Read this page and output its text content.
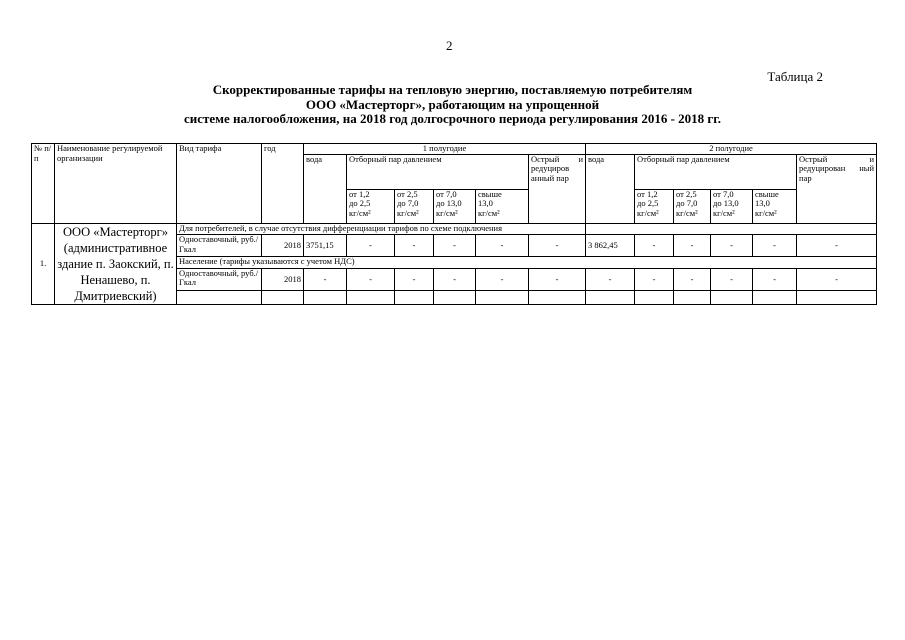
2
Таблица 2
Скорректированные тарифы на тепловую энергию, поставляемую потребителям
ООО «Мастерторг», работающим на упрощенной
системе налогообложения, на 2018 год долгосрочного периода регулирования 2016 - 2018 гг.
№ п/п	Наименование регулируемой организации	Вид тарифа	год	1 полугодие						2 полугодие					
				вода	Отборный пар давлением				Острый и редуциров анный пар	вода	Отборный пар давлением				Острый и редуцирован ный пар

					от 1,2
до 2,5
кг/см²	от 2,5
до 7,0
кг/см²	от 7,0
до 13,0
кг/см²	свыше
13,0
кг/см²			от 1,2
до 2,5
кг/см²	от 2,5
до 7,0
кг/см²	от 7,0
до 13,0
кг/см²	свыше
13,0
кг/см²	

1.	ООО «Мастерторг» (административное здание п. Заокский, п. Ненашево, п. Дмитриевский)	Для потребителей, в случае отсутствия дифференциации тарифов по схеме подключения													
		Одноставочный, руб./Гкал	2018	3751,15	-	-	-	-	-	3 862,45	-	-	-	-	-
		Население (тарифы указываются с учетом НДС)													
		Одноставочный, руб./Гкал	2018	-	-	-	-	-	-	-	-	-	-	-	-
